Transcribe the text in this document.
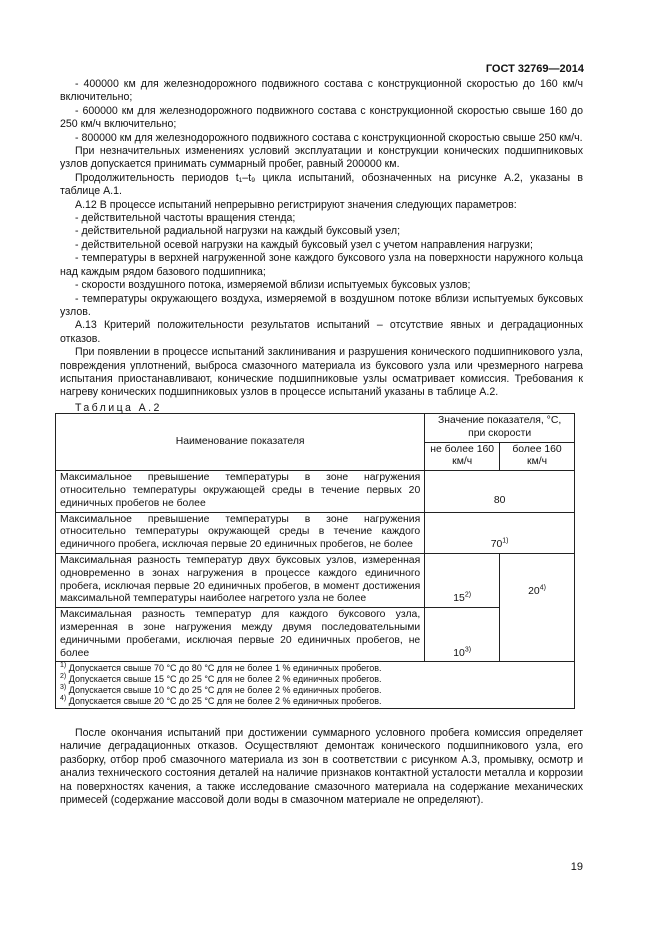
ГОСТ 32769—2014

- 400000 км для железнодорожного подвижного состава с конструкционной скоростью до 160 км/ч включительно;

- 600000 км для железнодорожного подвижного состава с конструкционной скоростью свыше 160 до 250 км/ч включительно;

- 800000 км для железнодорожного подвижного состава с конструкционной скоростью свыше 250 км/ч.

При незначительных изменениях условий эксплуатации и конструкции конических подшипниковых узлов допускается принимать суммарный пробег, равный 200000 км.

Продолжительность периодов t₁–t₉ цикла испытаний, обозначенных на рисунке А.2, указаны в таблице А.1.

А.12 В процессе испытаний непрерывно регистрируют значения следующих параметров:

- действительной частоты вращения стенда;

- действительной радиальной нагрузки на каждый буксовый узел;

- действительной осевой нагрузки на каждый буксовый узел с учетом направления нагрузки;

- температуры в верхней нагруженной зоне каждого буксового узла на поверхности наружного кольца над каждым рядом базового подшипника;

- скорости воздушного потока, измеряемой вблизи испытуемых буксовых узлов;

- температуры окружающего воздуха, измеряемой в воздушном потоке вблизи испытуемых буксовых узлов.

А.13 Критерий положительности результатов испытаний – отсутствие явных и деградационных отказов.

При появлении в процессе испытаний заклинивания и разрушения конического подшипникового узла, повреждения уплотнений, выброса смазочного материала из буксового узла или чрезмерного нагрева испытания приостанавливают, конические подшипниковые узлы осматривает комиссия. Требования к нагреву конических подшипниковых узлов в процессе испытаний указаны в таблице А.2.

Таблица А.2
Наименование показателя	Значение показателя, °С, при скорости	
	не более 160 км/ч	более 160 км/ч
Максимальное превышение температуры в зоне нагружения относительно температуры окружающей среды в течение первых 20 единичных пробегов не более	80	
Максимальное превышение температуры в зоне нагружения относительно температуры окружающей среды в течение каждого единичного пробега, исключая первые 20 единичных пробегов, не более	70$^{1)}$
Максимальная разность температур двух буксовых узлов, измеренная одновременно в зонах нагружения в процессе каждого единичного пробега, исключая первые 20 единичных пробегов, в момент достижения максимальной температуры наиболее нагретого узла не более	15$^{2)}$	20$^{4)}$
Максимальная разность температур для каждого буксового узла, измеренная в зоне нагружения между двумя последовательными единичными пробегами, исключая первые 20 единичных пробегов, не более	10$^{3)}$

$^{1)}$ Допускается свыше 70 °С до 80 °С для не более 1 % единичных пробегов.
$^{2)}$ Допускается свыше 15 °С до 25 °С для не более 2 % единичных пробегов.
$^{3)}$ Допускается свыше 10 °С до 25 °С для не более 2 % единичных пробегов.
$^{4)}$ Допускается свыше 20 °С до 25 °С для не более 2 % единичных пробегов.		

После окончания испытаний при достижении суммарного условного пробега комиссия определяет наличие деградационных отказов. Осуществляют демонтаж конического подшипникового узла, его разборку, отбор проб смазочного материала из зон в соответствии с рисунком А.3, промывку, осмотр и анализ технического состояния деталей на наличие признаков контактной усталости металла и коррозии на поверхностях качения, а также исследование смазочного материала на содержание механических примесей (содержание массовой доли воды в смазочном материале не определяют).

19
